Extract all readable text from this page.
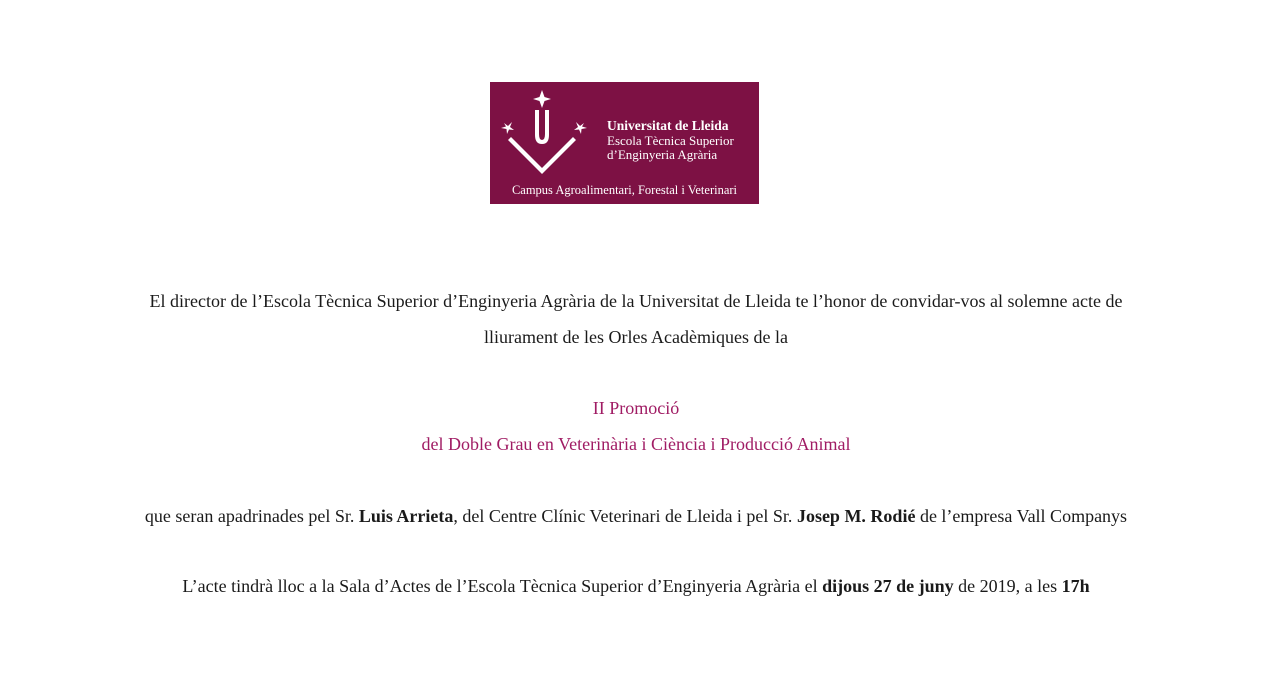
Universitat de Lleida
Escola Tècnica Superior
d’Enginyeria Agrària
Campus Agroalimentari, Forestal i Veterinari
El director de l’Escola Tècnica Superior d’Enginyeria Agrària de la Universitat de Lleida te l’honor de convidar-vos al solemne acte de
lliurament de les Orles Acadèmiques de la
II Promoció
del Doble Grau en Veterinària i Ciència i Producció Animal
que seran apadrinades pel Sr. Luis Arrieta, del Centre Clínic Veterinari de Lleida i pel Sr. Josep M. Rodié de l’empresa Vall Companys
L’acte tindrà lloc a la Sala d’Actes de l’Escola Tècnica Superior d’Enginyeria Agrària el dijous 27 de juny de 2019, a les 17h
